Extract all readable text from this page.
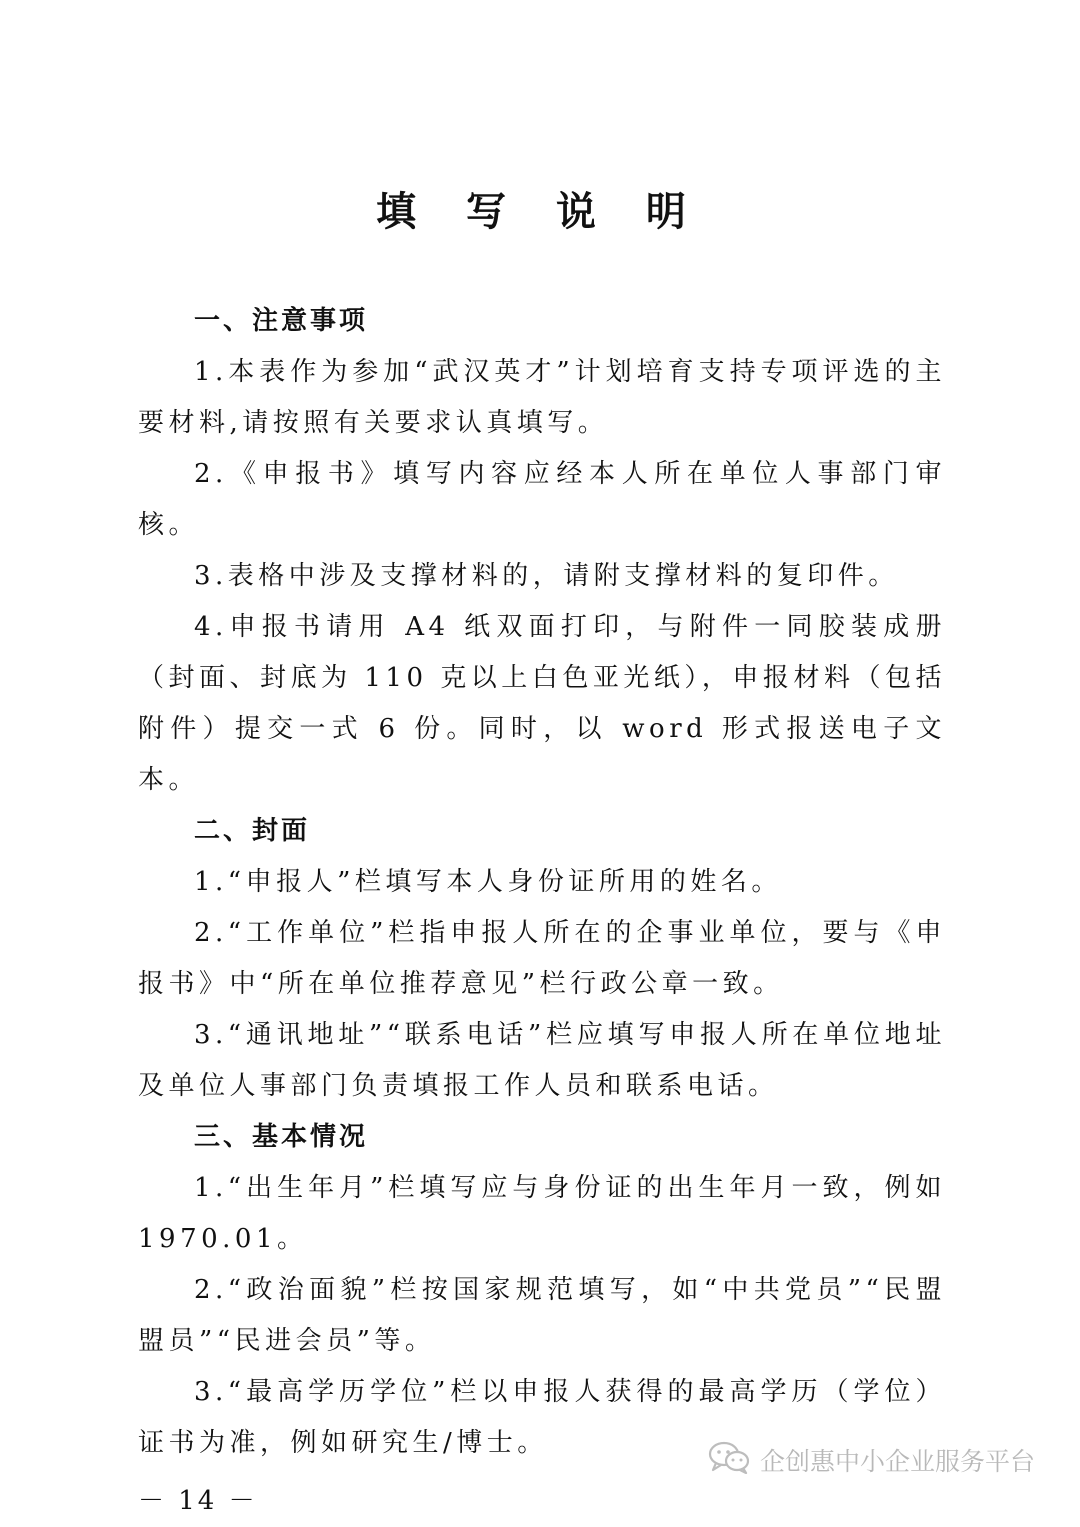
填 写 说 明

一、注意事项

1.本表作为参加“武汉英才”计划培育支持专项评选的主要材料,请按照有关要求认真填写。

2.《申报书》填写内容应经本人所在单位人事部门审核。

3.表格中涉及支撑材料的，请附支撑材料的复印件。

4.申报书请用 A4 纸双面打印，与附件一同胶装成册（封面、封底为 110 克以上白色亚光纸），申报材料（包括附件）提交一式 6 份。同时，以 word 形式报送电子文本。

二、封面

1.“申报人”栏填写本人身份证所用的姓名。

2.“工作单位”栏指申报人所在的企事业单位，要与《申报书》中“所在单位推荐意见”栏行政公章一致。

3.“通讯地址”“联系电话”栏应填写申报人所在单位地址及单位人事部门负责填报工作人员和联系电话。

三、基本情况

1.“出生年月”栏填写应与身份证的出生年月一致，例如 1970.01。

2.“政治面貌”栏按国家规范填写，如“中共党员”“民盟盟员”“民进会员”等。

3.“最高学历学位”栏以申报人获得的最高学历（学位）证书为准，例如研究生/博士。

－ 14 －
企创惠中小企业服务平台
